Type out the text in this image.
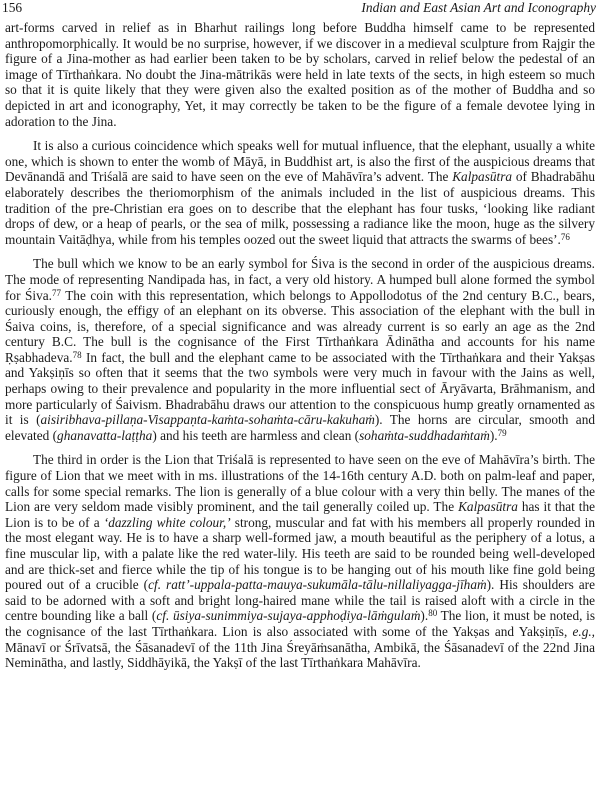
156	Indian and East Asian Art and Iconography

art-forms carved in relief as in Bharhut railings long before Buddha himself came to be represented anthropomorphically. It would be no surprise, however, if we discover in a medieval sculpture from Rajgir the figure of a Jina-mother as had earlier been taken to be by scholars, carved in relief below the pedestal of an image of Tīrthaṅkara. No doubt the Jina-mātrikās were held in late texts of the sects, in high esteem so much so that it is quite likely that they were given also the exalted position as of the mother of Buddha and so depicted in art and iconography, Yet, it may correctly be taken to be the figure of a female devotee lying in adoration to the Jina.

It is also a curious coincidence which speaks well for mutual influence, that the elephant, usually a white one, which is shown to enter the womb of Māyā, in Buddhist art, is also the first of the auspicious dreams that Devānandā and Triśalā are said to have seen on the eve of Mahāvīra’s advent. The Kalpasūtra of Bhadrabāhu elaborately describes the theriomorphism of the animals included in the list of auspicious dreams. This tradition of the pre-Christian era goes on to describe that the elephant has four tusks, ‘looking like radiant drops of dew, or a heap of pearls, or the sea of milk, possessing a radiance like the moon, huge as the silvery mountain Vaitāḍhya, while from his temples oozed out the sweet liquid that attracts the swarms of bees’.$^{76}$

The bull which we know to be an early symbol for Śiva is the second in order of the auspicious dreams. The mode of representing Nandipada has, in fact, a very old history. A humped bull alone formed the symbol for Śiva.$^{77}$ The coin with this representation, which belongs to Appollodotus of the 2nd century B.C., bears, curiously enough, the effigy of an elephant on its obverse. This association of the elephant with the bull in Śaiva coins, is, therefore, of a special significance and was already current is so early an age as the 2nd century B.C. The bull is the cognisance of the First Tīrthaṅkara Ādinātha and accounts for his name Ṛṣabhadeva.$^{78}$ In fact, the bull and the elephant came to be associated with the Tīrthaṅkara and their Yakṣas and Yakṣiṇīs so often that it seems that the two symbols were very much in favour with the Jains as well, perhaps owing to their prevalence and popularity in the more influential sect of Āryāvarta, Brāhmanism, and more particularly of Śaivism. Bhadrabāhu draws our attention to the conspicuous hump greatly ornamented as it is (aisiribhava-pillaṇa-Visappaṇta-kaṁta-sohaṁta-cāru-kakuhaṁ). The horns are circular, smooth and elevated (ghanavatta-laṭṭha) and his teeth are harmless and clean (sohaṁta-suddhadaṁtaṁ).$^{79}$

The third in order is the Lion that Triśalā is represented to have seen on the eve of Mahāvīra’s birth. The figure of Lion that we meet with in ms. illustrations of the 14-16th century A.D. both on palm-leaf and paper, calls for some special remarks. The lion is generally of a blue colour with a very thin belly. The manes of the Lion are very seldom made visibly prominent, and the tail generally coiled up. The Kalpasūtra has it that the Lion is to be of a ‘dazzling white colour,’ strong, muscular and fat with his members all properly rounded in the most elegant way. He is to have a sharp well-formed jaw, a mouth beautiful as the periphery of a lotus, a fine muscular lip, with a palate like the red water-lily. His teeth are said to be rounded being well-developed and are thick-set and fierce while the tip of his tongue is to be hanging out of his mouth like fine gold being poured out of a crucible (cf. ratt’-uppala-patta-mauya-sukumāla-tālu-nillaliyagga-jīhaṁ). His shoulders are said to be adorned with a soft and bright long-haired mane while the tail is raised aloft with a circle in the centre bounding like a ball (cf. ūsiya-sunimmiya-sujaya-apphoḍiya-lāṁgulaṁ).$^{80}$ The lion, it must be noted, is the cognisance of the last Tīrthaṅkara. Lion is also associated with some of the Yakṣas and Yakṣiṇīs, e.g., Mānavī or Śrīvatsā, the Śāsanadevī of the 11th Jina Śreyāṁsanātha, Ambikā, the Śāsanadevī of the 22nd Jina Neminātha, and lastly, Siddhāyikā, the Yakṣī of the last Tīrthaṅkara Mahāvīra.
